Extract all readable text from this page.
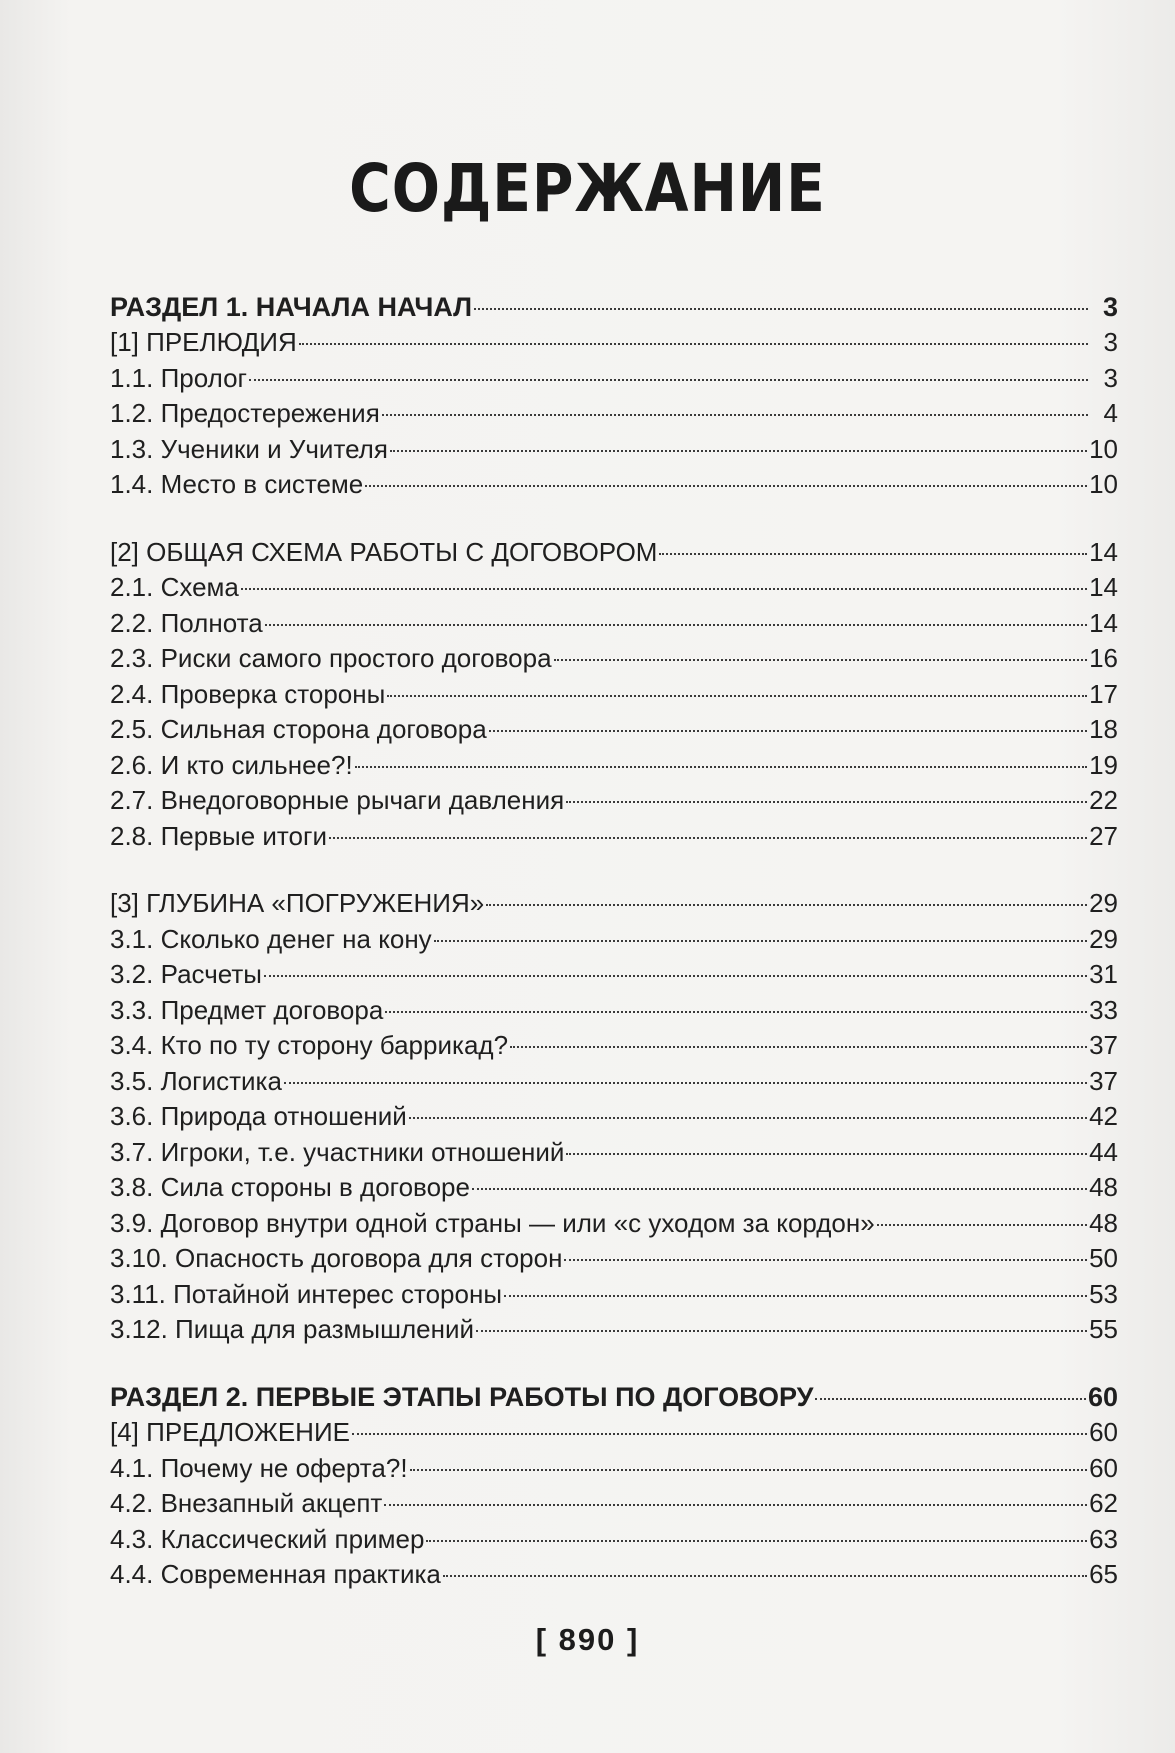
СОДЕРЖАНИЕ
РАЗДЕЛ 1. НАЧАЛА НАЧАЛ	3
[1] ПРЕЛЮДИЯ	3
1.1. Пролог	3
1.2. Предостережения	4
1.3. Ученики и Учителя	10
1.4. Место в системе	10
[2] ОБЩАЯ СХЕМА РАБОТЫ С ДОГОВОРОМ	14
2.1. Схема	14
2.2. Полнота	14
2.3. Риски самого простого договора	16
2.4. Проверка стороны	17
2.5. Сильная сторона договора	18
2.6. И кто сильнее?!	19
2.7. Внедоговорные рычаги давления	22
2.8. Первые итоги	27
[3] ГЛУБИНА «ПОГРУЖЕНИЯ»	29
3.1. Сколько денег на кону	29
3.2. Расчеты	31
3.3. Предмет договора	33
3.4. Кто по ту сторону баррикад?	37
3.5. Логистика	37
3.6. Природа отношений	42
3.7. Игроки, т.е. участники отношений	44
3.8. Сила стороны в договоре	48
3.9. Договор внутри одной страны — или «с уходом за кордон»	48
3.10. Опасность договора для сторон	50
3.11. Потайной интерес стороны	53
3.12. Пища для размышлений	55
РАЗДЕЛ 2. ПЕРВЫЕ ЭТАПЫ РАБОТЫ ПО ДОГОВОРУ	60
[4] ПРЕДЛОЖЕНИЕ	60
4.1. Почему не оферта?!	60
4.2. Внезапный акцепт	62
4.3. Классический пример	63
4.4. Современная практика	65
[ 890 ]
